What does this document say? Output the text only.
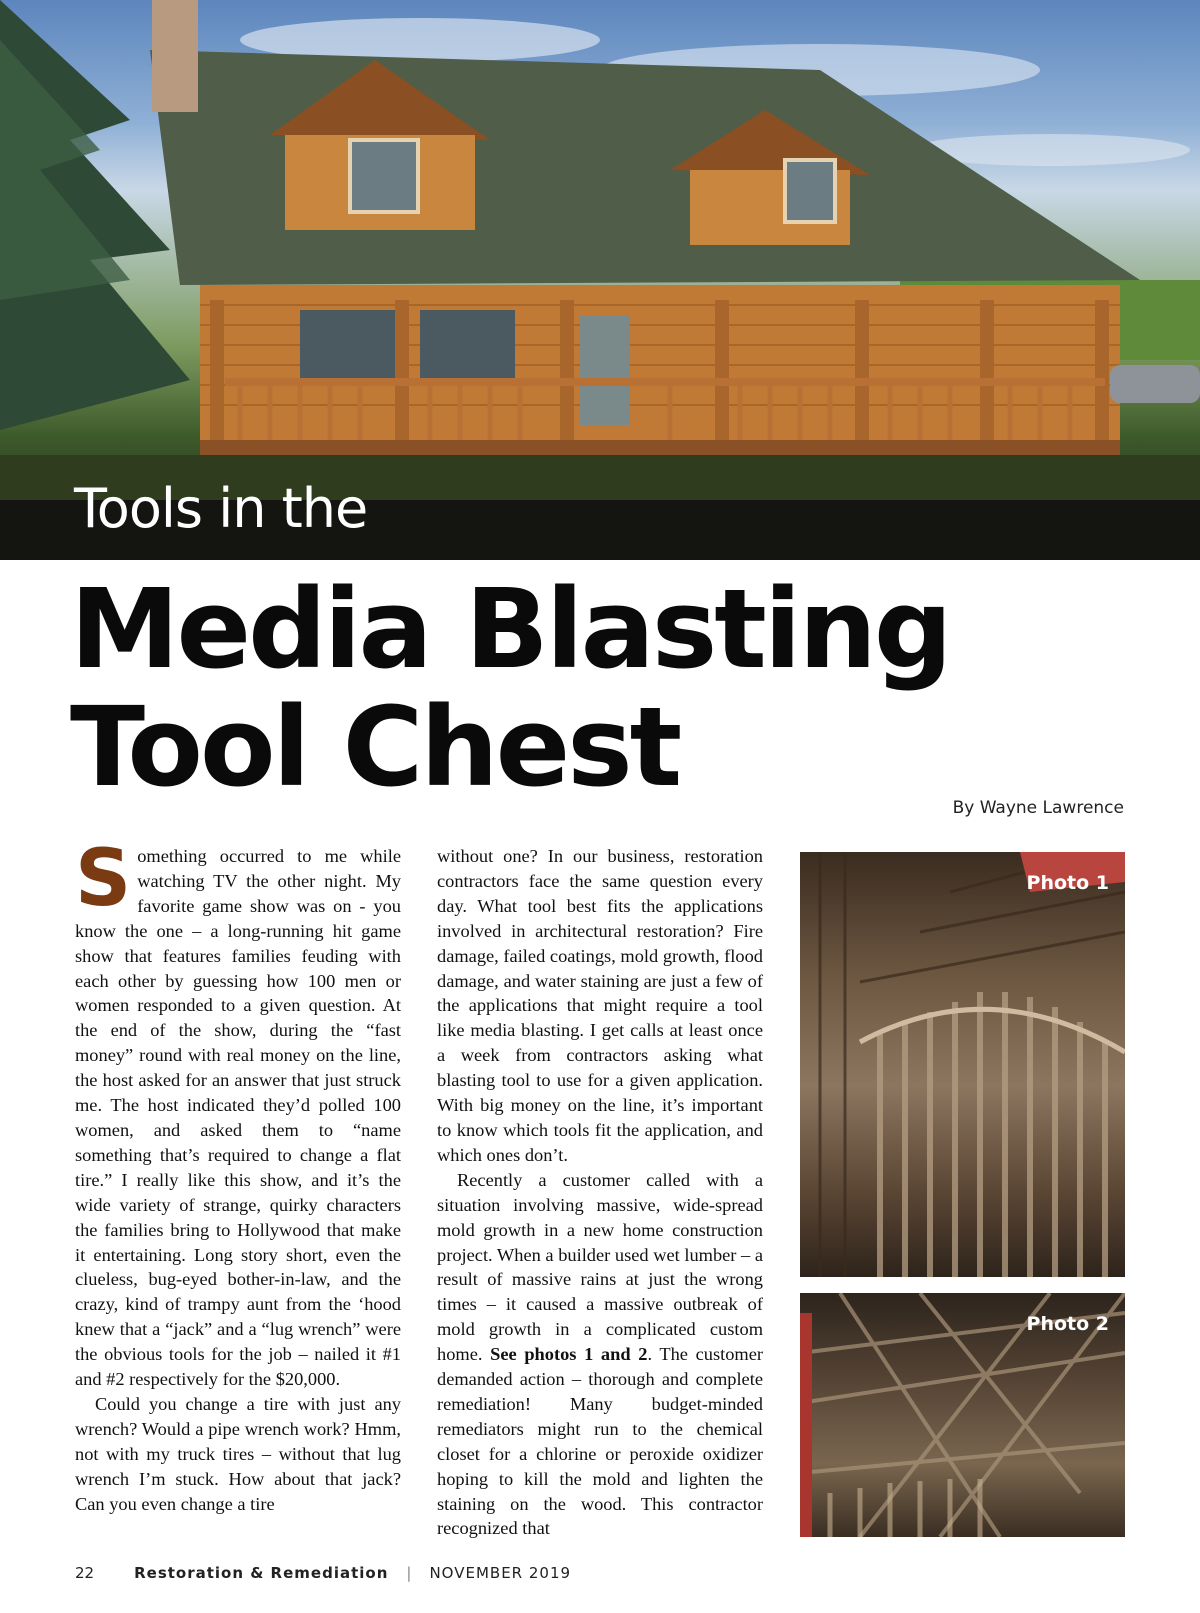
Tools in the
Media Blasting
Tool Chest	By Wayne Lawrence

Something occurred to me while watching TV the other night. My favorite game show was on - you know the one – a long-running hit game show that features families feuding with each other by guessing how 100 men or women responded to a given question. At the end of the show, during the “fast money” round with real money on the line, the host asked for an answer that just struck me. The host indicated they’d polled 100 women, and asked them to “name something that’s required to change a flat tire.” I really like this show, and it’s the wide variety of strange, quirky characters the families bring to Hollywood that make it entertaining. Long story short, even the clueless, bug-eyed bother-in-law, and the crazy, kind of trampy aunt from the ‘hood knew that a “jack” and a “lug wrench” were the obvious tools for the job – nailed it #1 and #2 respectively for the $20,000.

Could you change a tire with just any wrench? Would a pipe wrench work? Hmm, not with my truck tires – without that lug wrench I’m stuck. How about that jack? Can you even change a tire

without one? In our business, restoration contractors face the same question every day. What tool best fits the applications involved in architectural restoration? Fire damage, failed coatings, mold growth, flood damage, and water staining are just a few of the applications that might require a tool like media blasting. I get calls at least once a week from contractors asking what blasting tool to use for a given application. With big money on the line, it’s important to know which tools fit the application, and which ones don’t.

Recently a customer called with a situation involving massive, wide-spread mold growth in a new home construction project. When a builder used wet lumber – a result of massive rains at just the wrong times – it caused a massive outbreak of mold growth in a complicated custom home. See photos 1 and 2. The customer demanded action – thorough and complete remediation! Many budget-minded remediators might run to the chemical closet for a chlorine or peroxide oxidizer hoping to kill the mold and lighten the staining on the wood. This contractor recognized that

Photo 1
Photo 2
22	Restoration & Remediation | NOVEMBER 2019
